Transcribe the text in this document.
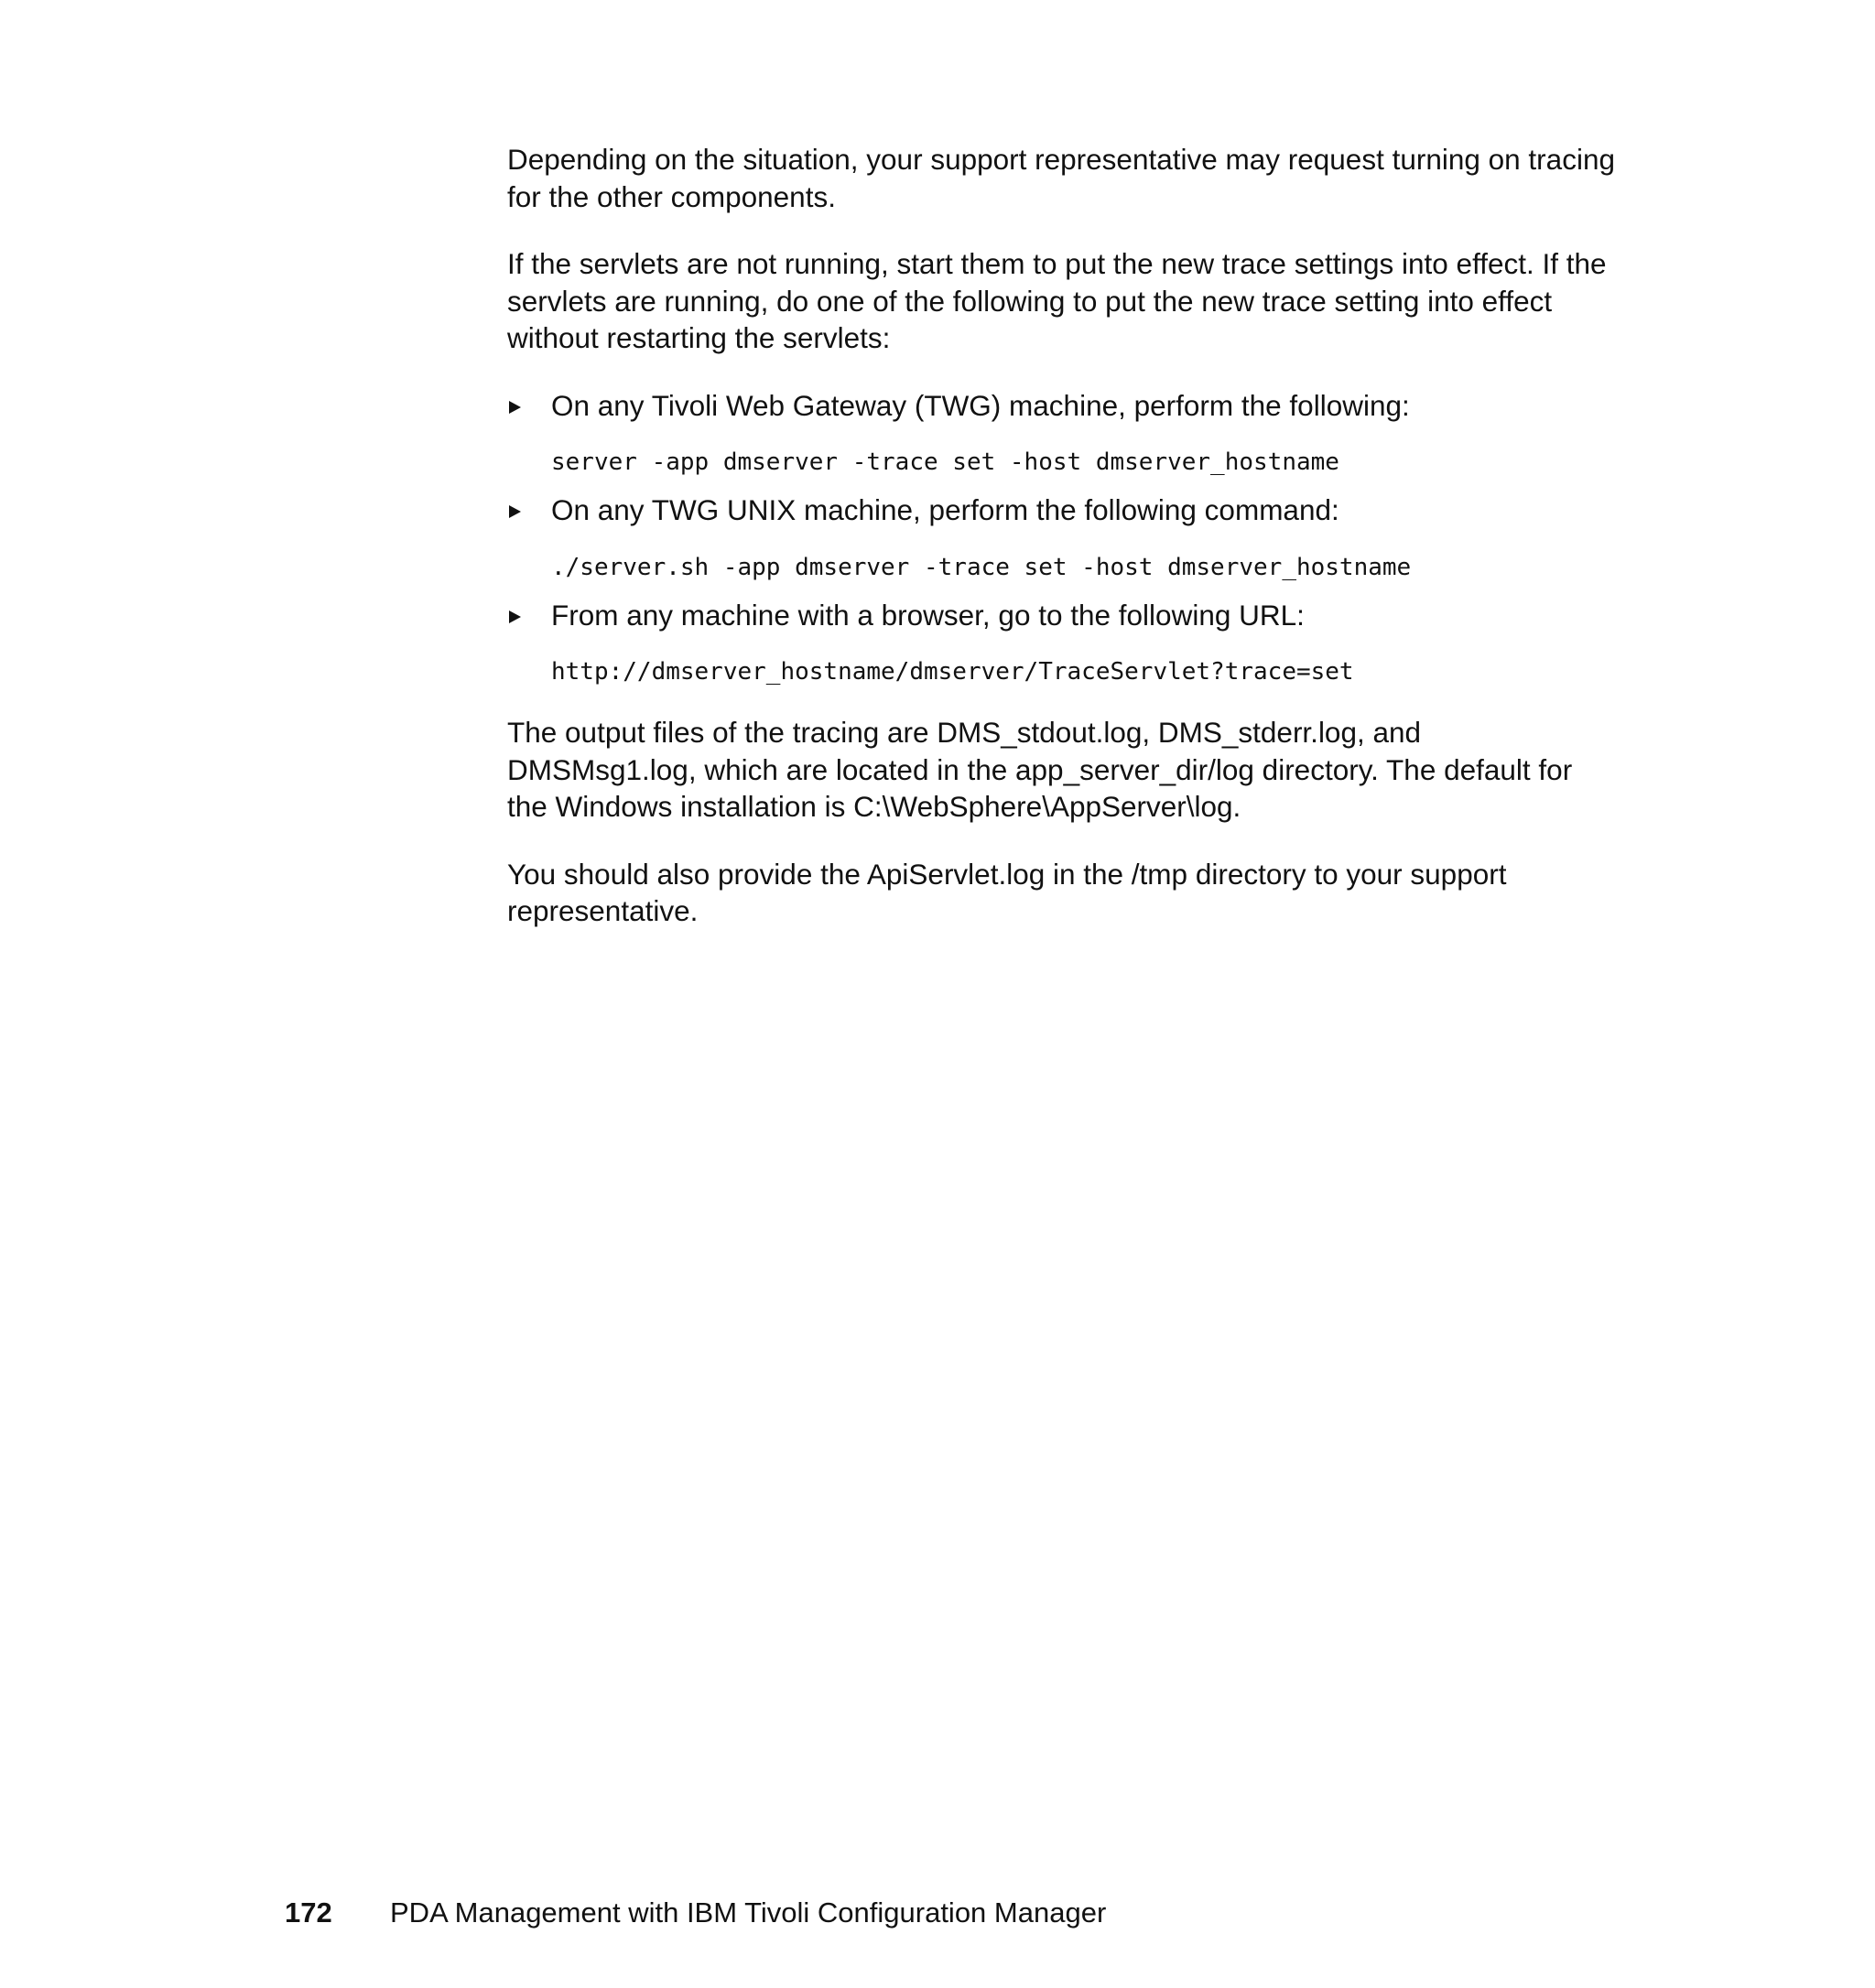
Depending on the situation, your support representative may request turning on tracing for the other components.

If the servlets are not running, start them to put the new trace settings into effect. If the servlets are running, do one of the following to put the new trace setting into effect without restarting the servlets:

On any Tivoli Web Gateway (TWG) machine, perform the following:
server -app dmserver -trace set -host dmserver_hostname
On any TWG UNIX machine, perform the following command:
./server.sh -app dmserver -trace set -host dmserver_hostname
From any machine with a browser, go to the following URL:
http://dmserver_hostname/dmserver/TraceServlet?trace=set

The output files of the tracing are DMS_stdout.log, DMS_stderr.log, and DMSMsg1.log, which are located in the app_server_dir/log directory. The default for the Windows installation is C:\WebSphere\AppServer\log.

You should also provide the ApiServlet.log in the /tmp directory to your support representative.

172 PDA Management with IBM Tivoli Configuration Manager
